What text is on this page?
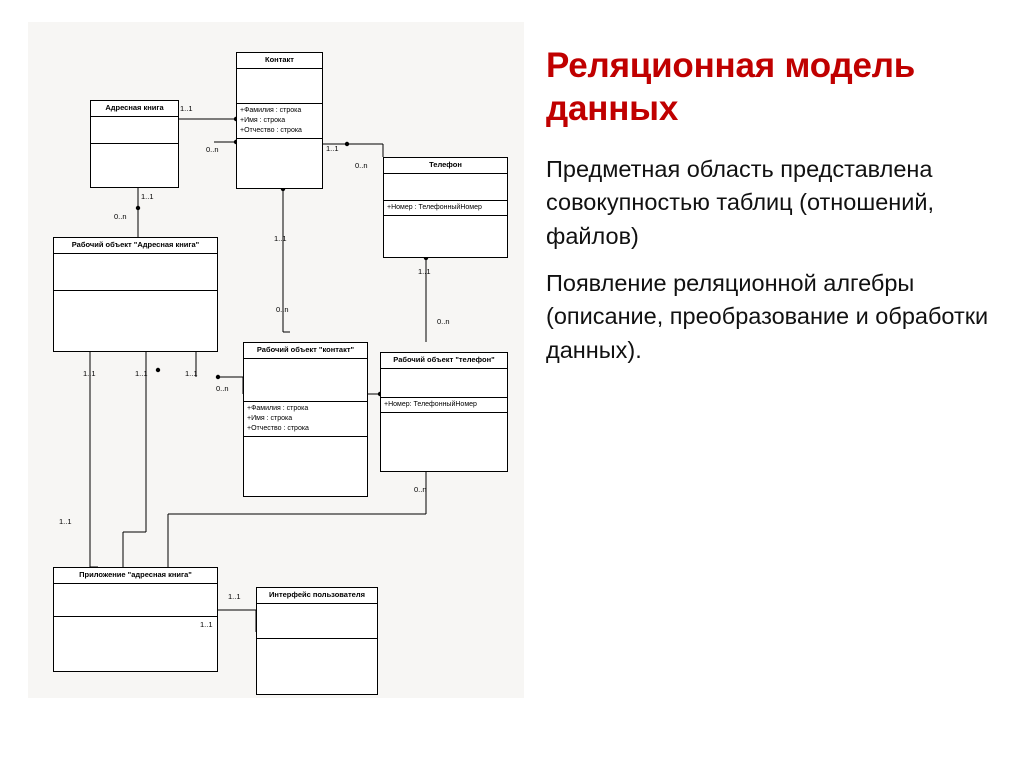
Адресная книга
Контакт
+Фамилия : строка
+Имя : строка
+Отчество : строка
Телефон
+Номер : ТелефонныйНомер
Рабочий объект "Адресная книга"
Рабочий объект "контакт"
+Фамилия : строка
+Имя : строка
+Отчество : строка
Рабочий объект "телефон"
+Номер: ТелефонныйНомер
Приложение "адресная книга"
Интерфейс пользователя
1..1
0..n	1..1
0..n
1..1
0..n
1..1
0..n
1..1
0..n
1..1	1..1	1..1
0..n
0..n
1..1
1..1
1..1
Реляционная модель данных

Предметная область представлена совокупностью таблиц (отношений, файлов)

Появление реляционной алгебры (описание, преобразование и обработки данных).
